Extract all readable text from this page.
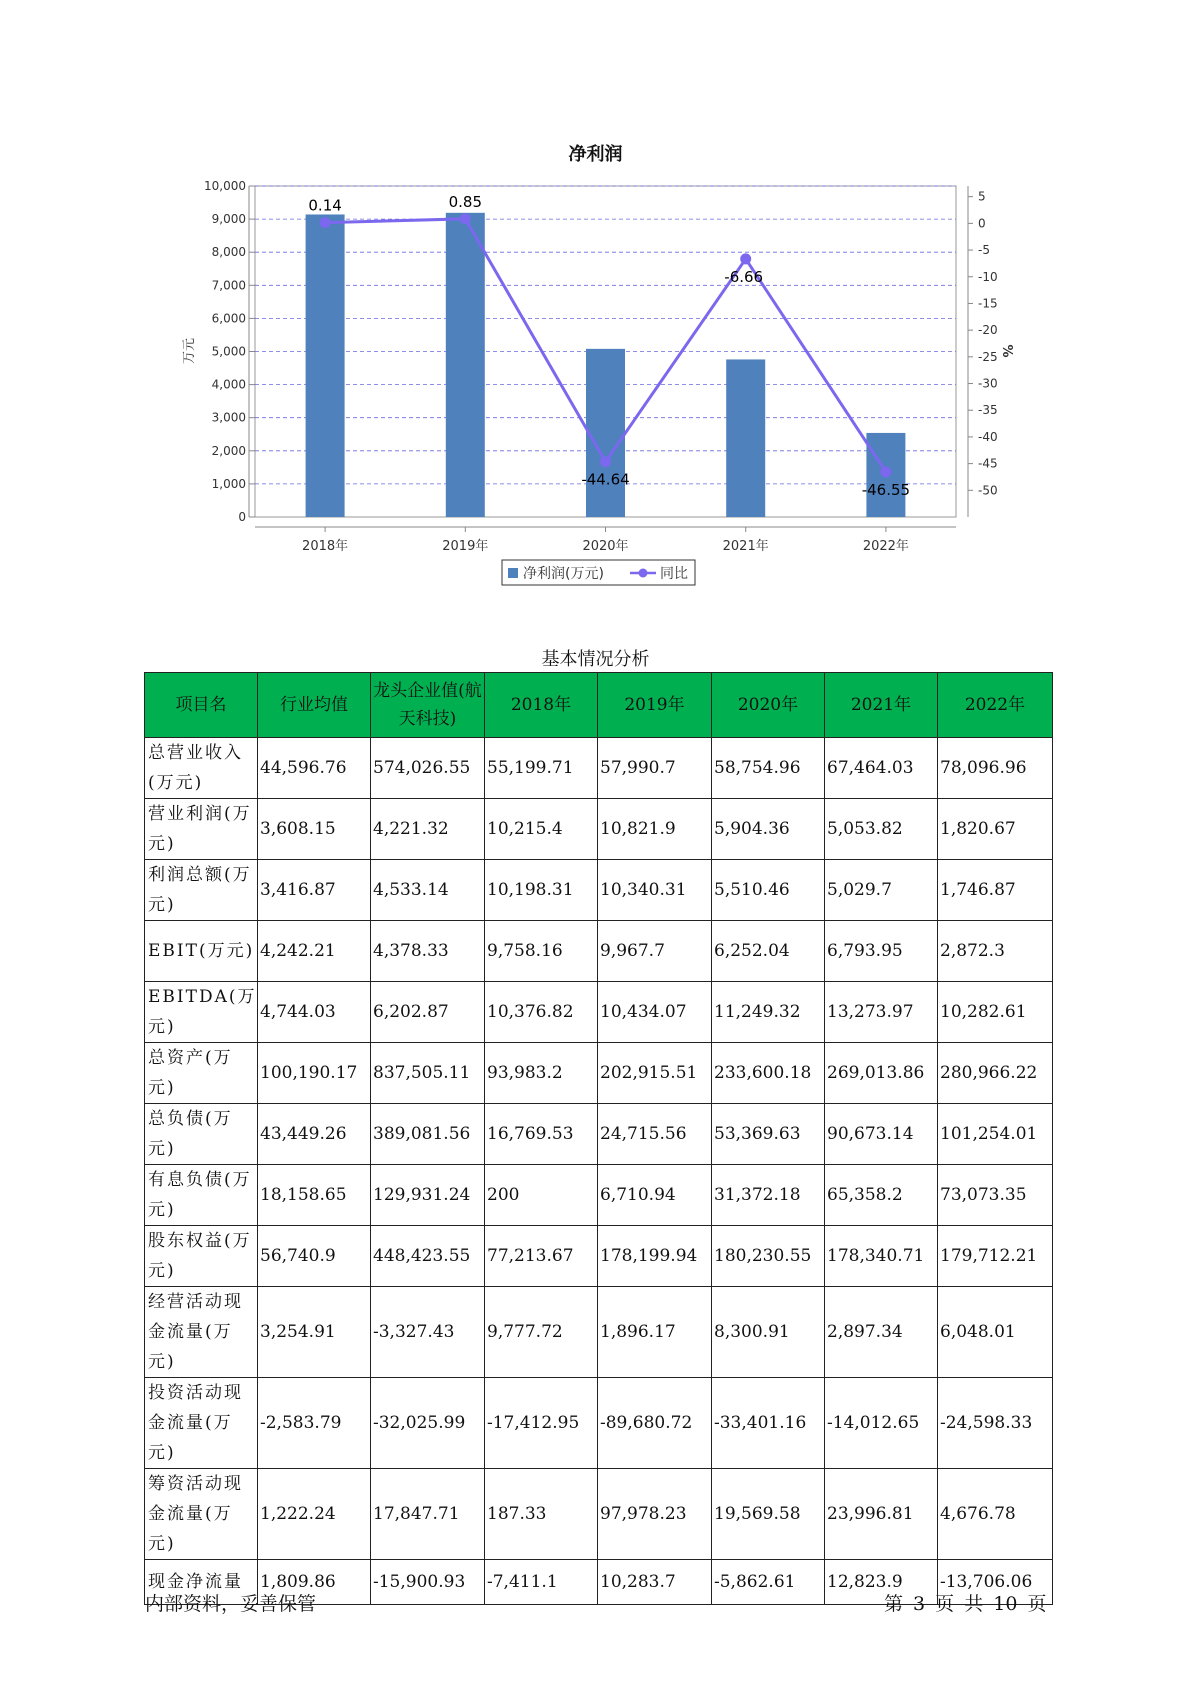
净利润
0
1,000
2,000
3,000
4,000
5,000
6,000
7,000
8,000
9,000
10,000
5
0
-5
-10
-15
-20
-25
-30
-35
-40
-45
-50
2018年	2019年	2020年	2021年	2022年
万元	%
0.14	0.85
-44.64
-6.66
-46.55
净利润(万元)	同比
基本情况分析
项目名	行业均值	龙头企业值(航天科技)	2018年	2019年	2020年	2021年	2022年
总营业收入(万元)	44,596.76	574,026.55	55,199.71	57,990.7	58,754.96	67,464.03	78,096.96
营业利润(万元)	3,608.15	4,221.32	10,215.4	10,821.9	5,904.36	5,053.82	1,820.67
利润总额(万元)	3,416.87	4,533.14	10,198.31	10,340.31	5,510.46	5,029.7	1,746.87
EBIT(万元)	4,242.21	4,378.33	9,758.16	9,967.7	6,252.04	6,793.95	2,872.3
EBITDA(万元)	4,744.03	6,202.87	10,376.82	10,434.07	11,249.32	13,273.97	10,282.61
总资产(万元)	100,190.17	837,505.11	93,983.2	202,915.51	233,600.18	269,013.86	280,966.22
总负债(万元)	43,449.26	389,081.56	16,769.53	24,715.56	53,369.63	90,673.14	101,254.01
有息负债(万元)	18,158.65	129,931.24	200	6,710.94	31,372.18	65,358.2	73,073.35
股东权益(万元)	56,740.9	448,423.55	77,213.67	178,199.94	180,230.55	178,340.71	179,712.21
经营活动现金流量(万元)	3,254.91	-3,327.43	9,777.72	1,896.17	8,300.91	2,897.34	6,048.01
投资活动现金流量(万元)	-2,583.79	-32,025.99	-17,412.95	-89,680.72	-33,401.16	-14,012.65	-24,598.33
筹资活动现金流量(万元)	1,222.24	17,847.71	187.33	97,978.23	19,569.58	23,996.81	4,676.78
现金净流量	1,809.86	-15,900.93	-7,411.1	10,283.7	-5,862.61	12,823.9	-13,706.06
内部资料，妥善保管	第 3 页 共 10 页
